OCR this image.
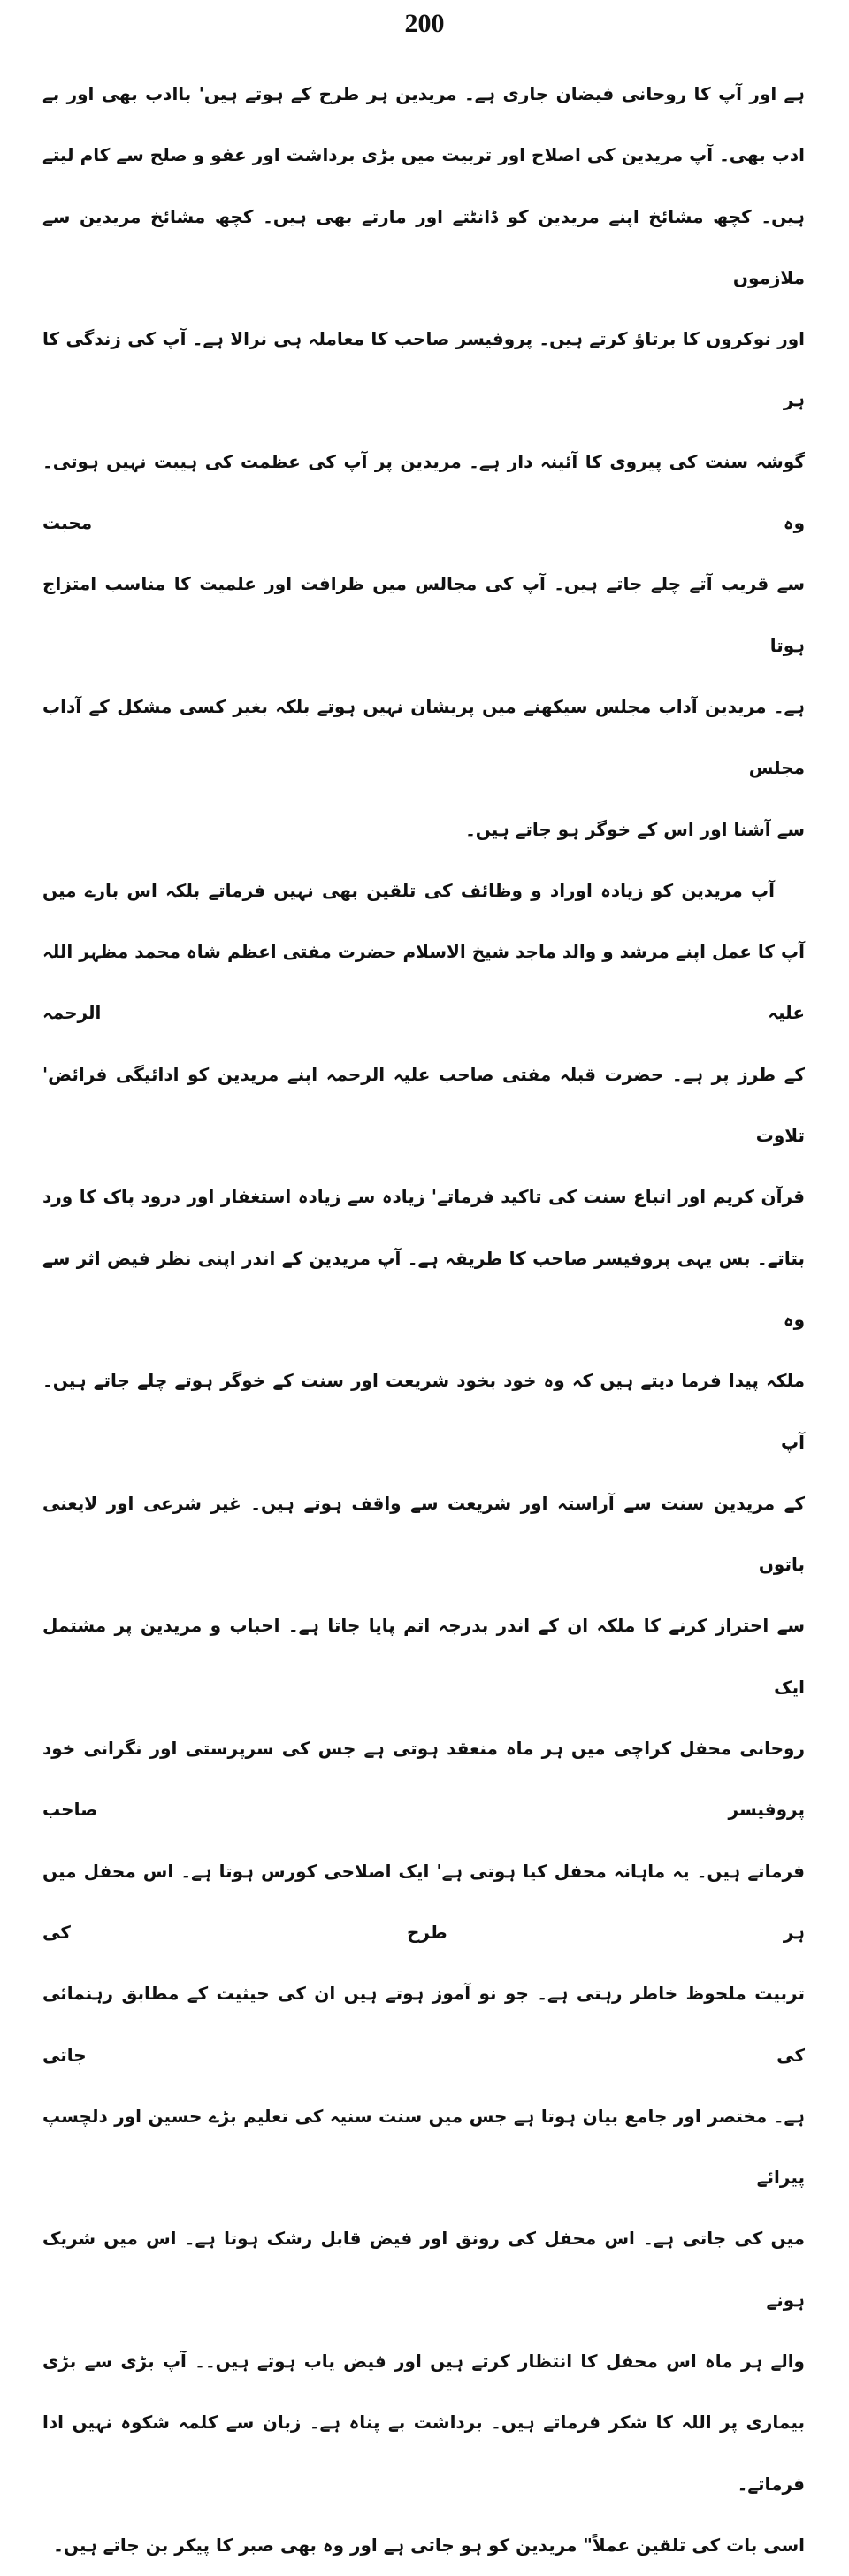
200
ہے اور آپ کا روحانی فیضان جاری ہے۔ مریدین ہر طرح کے ہوتے ہیں' باادب بھی اور بے
ادب بھی۔ آپ مریدین کی اصلاح اور تربیت میں بڑی برداشت اور عفو و صلح سے کام لیتے
ہیں۔ کچھ مشائخ اپنے مریدین کو ڈانٹتے اور مارتے بھی ہیں۔ کچھ مشائخ مریدین سے ملازموں
اور نوکروں کا برتاؤ کرتے ہیں۔ پروفیسر صاحب کا معاملہ ہی نرالا ہے۔ آپ کی زندگی کا ہر
گوشہ سنت کی پیروی کا آئینہ دار ہے۔ مریدین پر آپ کی عظمت کی ہیبت نہیں ہوتی۔ وہ محبت
سے قریب آتے چلے جاتے ہیں۔ آپ کی مجالس میں ظرافت اور علمیت کا مناسب امتزاج ہوتا
ہے۔ مریدین آداب مجلس سیکھنے میں پریشان نہیں ہوتے بلکہ بغیر کسی مشکل کے آداب مجلس
سے آشنا اور اس کے خوگر ہو جاتے ہیں۔
آپ مریدین کو زیادہ اوراد و وظائف کی تلقین بھی نہیں فرماتے بلکہ اس بارے میں
آپ کا عمل اپنے مرشد و والد ماجد شیخ الاسلام حضرت مفتی اعظم شاہ محمد مظہر اللہ علیہ الرحمہ
کے طرز پر ہے۔ حضرت قبلہ مفتی صاحب علیہ الرحمہ اپنے مریدین کو ادائیگی فرائض' تلاوت
قرآن کریم اور اتباع سنت کی تاکید فرماتے' زیادہ سے زیادہ استغفار اور درود پاک کا ورد
بتاتے۔ بس یہی پروفیسر صاحب کا طریقہ ہے۔ آپ مریدین کے اندر اپنی نظر فیض اثر سے وہ
ملکہ پیدا فرما دیتے ہیں کہ وہ خود بخود شریعت اور سنت کے خوگر ہوتے چلے جاتے ہیں۔ آپ
کے مریدین سنت سے آراستہ اور شریعت سے واقف ہوتے ہیں۔ غیر شرعی اور لایعنی باتوں
سے احتراز کرنے کا ملکہ ان کے اندر بدرجہ اتم پایا جاتا ہے۔ احباب و مریدین پر مشتمل ایک
روحانی محفل کراچی میں ہر ماہ منعقد ہوتی ہے جس کی سرپرستی اور نگرانی خود پروفیسر صاحب
فرماتے ہیں۔ یہ ماہانہ محفل کیا ہوتی ہے' ایک اصلاحی کورس ہوتا ہے۔ اس محفل میں ہر طرح کی
تربیت ملحوظ خاطر رہتی ہے۔ جو نو آموز ہوتے ہیں ان کی حیثیت کے مطابق رہنمائی کی جاتی
ہے۔ مختصر اور جامع بیان ہوتا ہے جس میں سنت سنیہ کی تعلیم بڑے حسین اور دلچسپ پیرائے
میں کی جاتی ہے۔ اس محفل کی رونق اور فیض قابل رشک ہوتا ہے۔ اس میں شریک ہونے
والے ہر ماہ اس محفل کا انتظار کرتے ہیں اور فیض یاب ہوتے ہیں۔۔ آپ بڑی سے بڑی
بیماری پر اللہ کا شکر فرماتے ہیں۔ برداشت بے پناہ ہے۔ زبان سے کلمہ شکوہ نہیں ادا فرماتے۔
اسی بات کی تلقین عملاً" مریدین کو ہو جاتی ہے اور وہ بھی صبر کا پیکر بن جاتے ہیں۔
